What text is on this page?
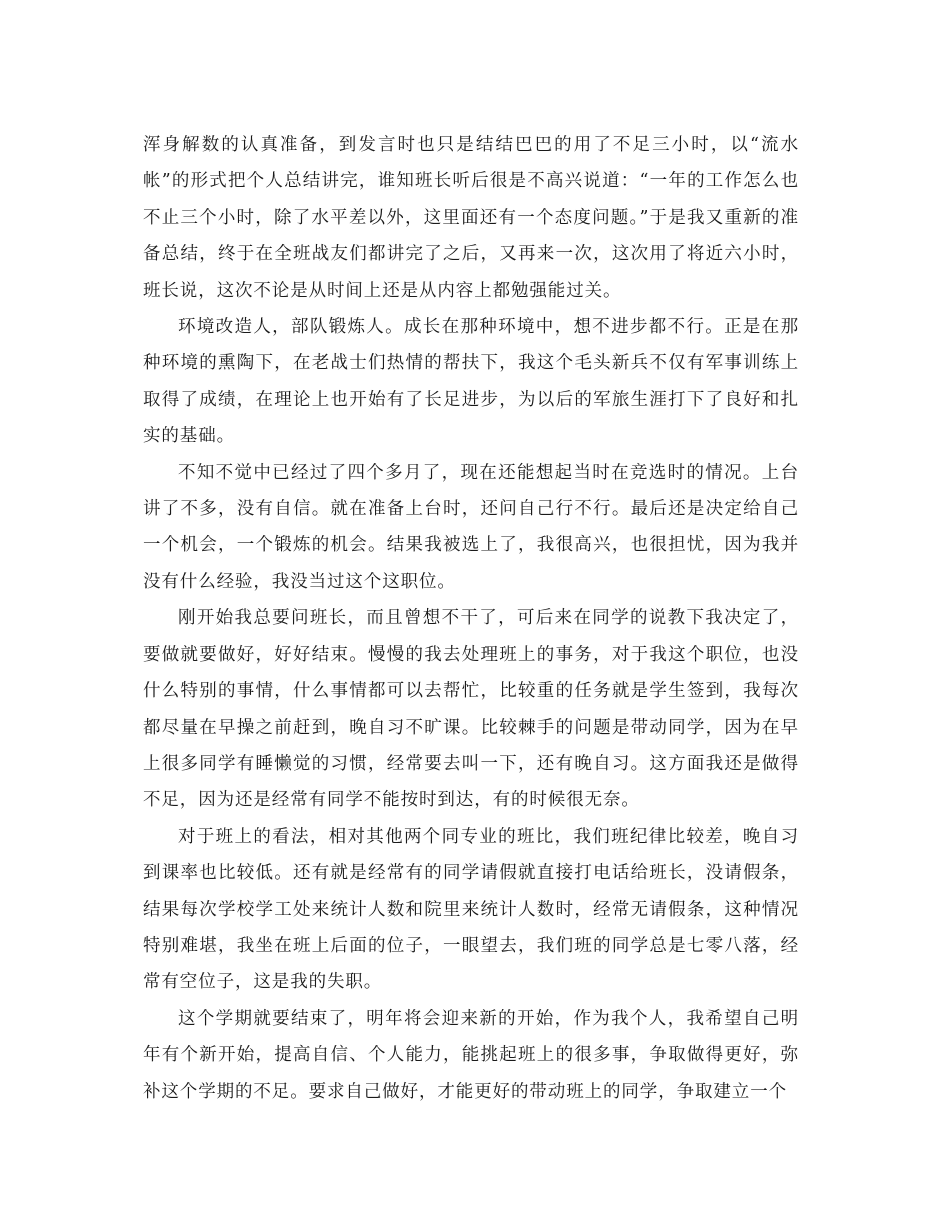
浑身解数的认真准备，到发言时也只是结结巴巴的用了不足三小时，以“流水帐”的形式把个人总结讲完，谁知班长听后很是不高兴说道：“一年的工作怎么也不止三个小时，除了水平差以外，这里面还有一个态度问题。”于是我又重新的准备总结，终于在全班战友们都讲完了之后，又再来一次，这次用了将近六小时，班长说，这次不论是从时间上还是从内容上都勉强能过关。

环境改造人，部队锻炼人。成长在那种环境中，想不进步都不行。正是在那种环境的熏陶下，在老战士们热情的帮扶下，我这个毛头新兵不仅有军事训练上取得了成绩，在理论上也开始有了长足进步，为以后的军旅生涯打下了良好和扎实的基础。

不知不觉中已经过了四个多月了，现在还能想起当时在竞选时的情况。上台讲了不多，没有自信。就在准备上台时，还问自己行不行。最后还是决定给自己一个机会，一个锻炼的机会。结果我被选上了，我很高兴，也很担忧，因为我并没有什么经验，我没当过这个这职位。

刚开始我总要问班长，而且曾想不干了，可后来在同学的说教下我决定了，要做就要做好，好好结束。慢慢的我去处理班上的事务，对于我这个职位，也没什么特别的事情，什么事情都可以去帮忙，比较重的任务就是学生签到，我每次都尽量在早操之前赶到，晚自习不旷课。比较棘手的问题是带动同学，因为在早上很多同学有睡懒觉的习惯，经常要去叫一下，还有晚自习。这方面我还是做得不足，因为还是经常有同学不能按时到达，有的时候很无奈。

对于班上的看法，相对其他两个同专业的班比，我们班纪律比较差，晚自习到课率也比较低。还有就是经常有的同学请假就直接打电话给班长，没请假条，结果每次学校学工处来统计人数和院里来统计人数时，经常无请假条，这种情况特别难堪，我坐在班上后面的位子，一眼望去，我们班的同学总是七零八落，经常有空位子，这是我的失职。

这个学期就要结束了，明年将会迎来新的开始，作为我个人，我希望自己明年有个新开始，提高自信、个人能力，能挑起班上的很多事，争取做得更好，弥补这个学期的不足。要求自己做好，才能更好的带动班上的同学，争取建立一个
